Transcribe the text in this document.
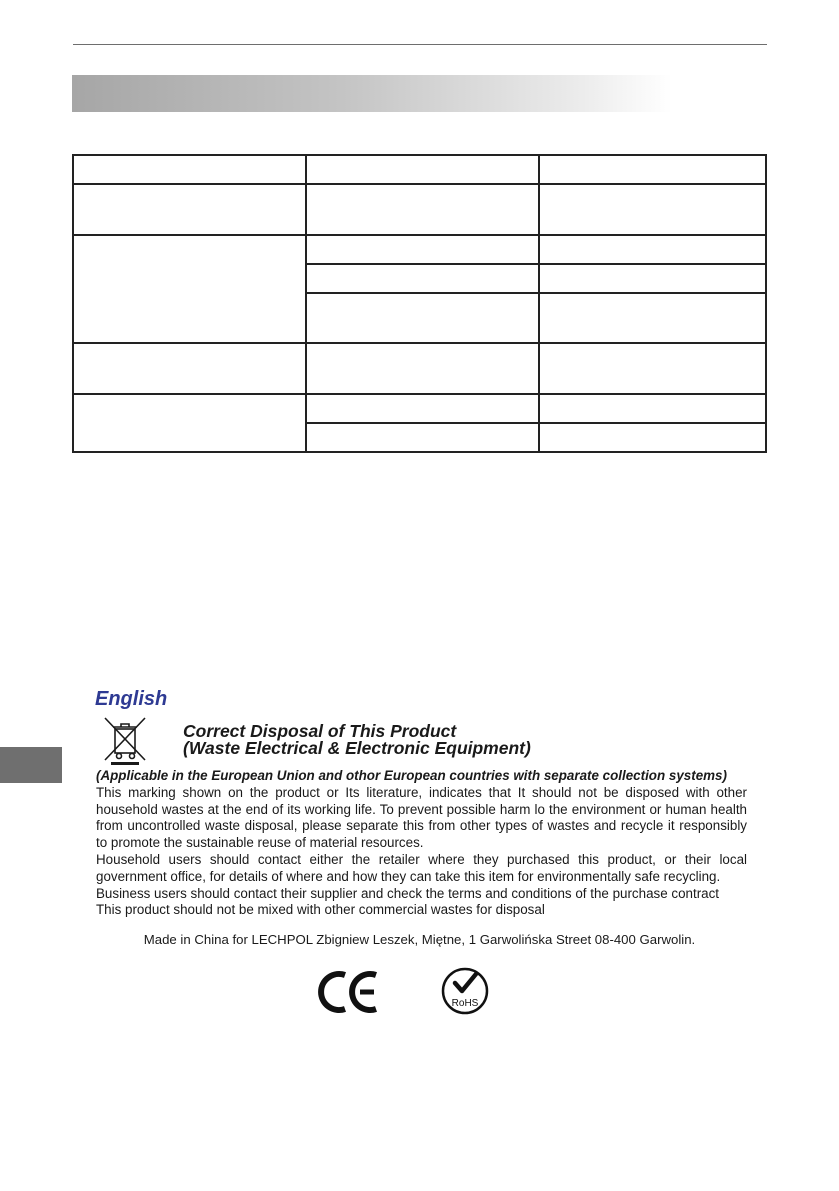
English
Correct Disposal of This Product
(Waste Electrical & Electronic Equipment)

(Applicable in the European Union and othor European countries with separate collection systems)

This marking shown on the product or Its literature, indicates that It should not be disposed with other household wastes at the end of its working life. To prevent possible harm lo the environment or human health from uncontrolled waste disposal, please separate this from other types of wastes and recycle it responsibly to promote the sustainable reuse of material resources.

Household users should contact either the retailer where they purchased this product, or their local government office, for details of where and how they can take this item for environmentally safe recycling.

Business users should contact their supplier and check the terms and conditions of the purchase contract

This product should not be mixed with other commercial wastes for disposal

Made in China for LECHPOL Zbigniew Leszek, Miętne, 1 Garwolińska Street 08-400 Garwolin.
RoHS
